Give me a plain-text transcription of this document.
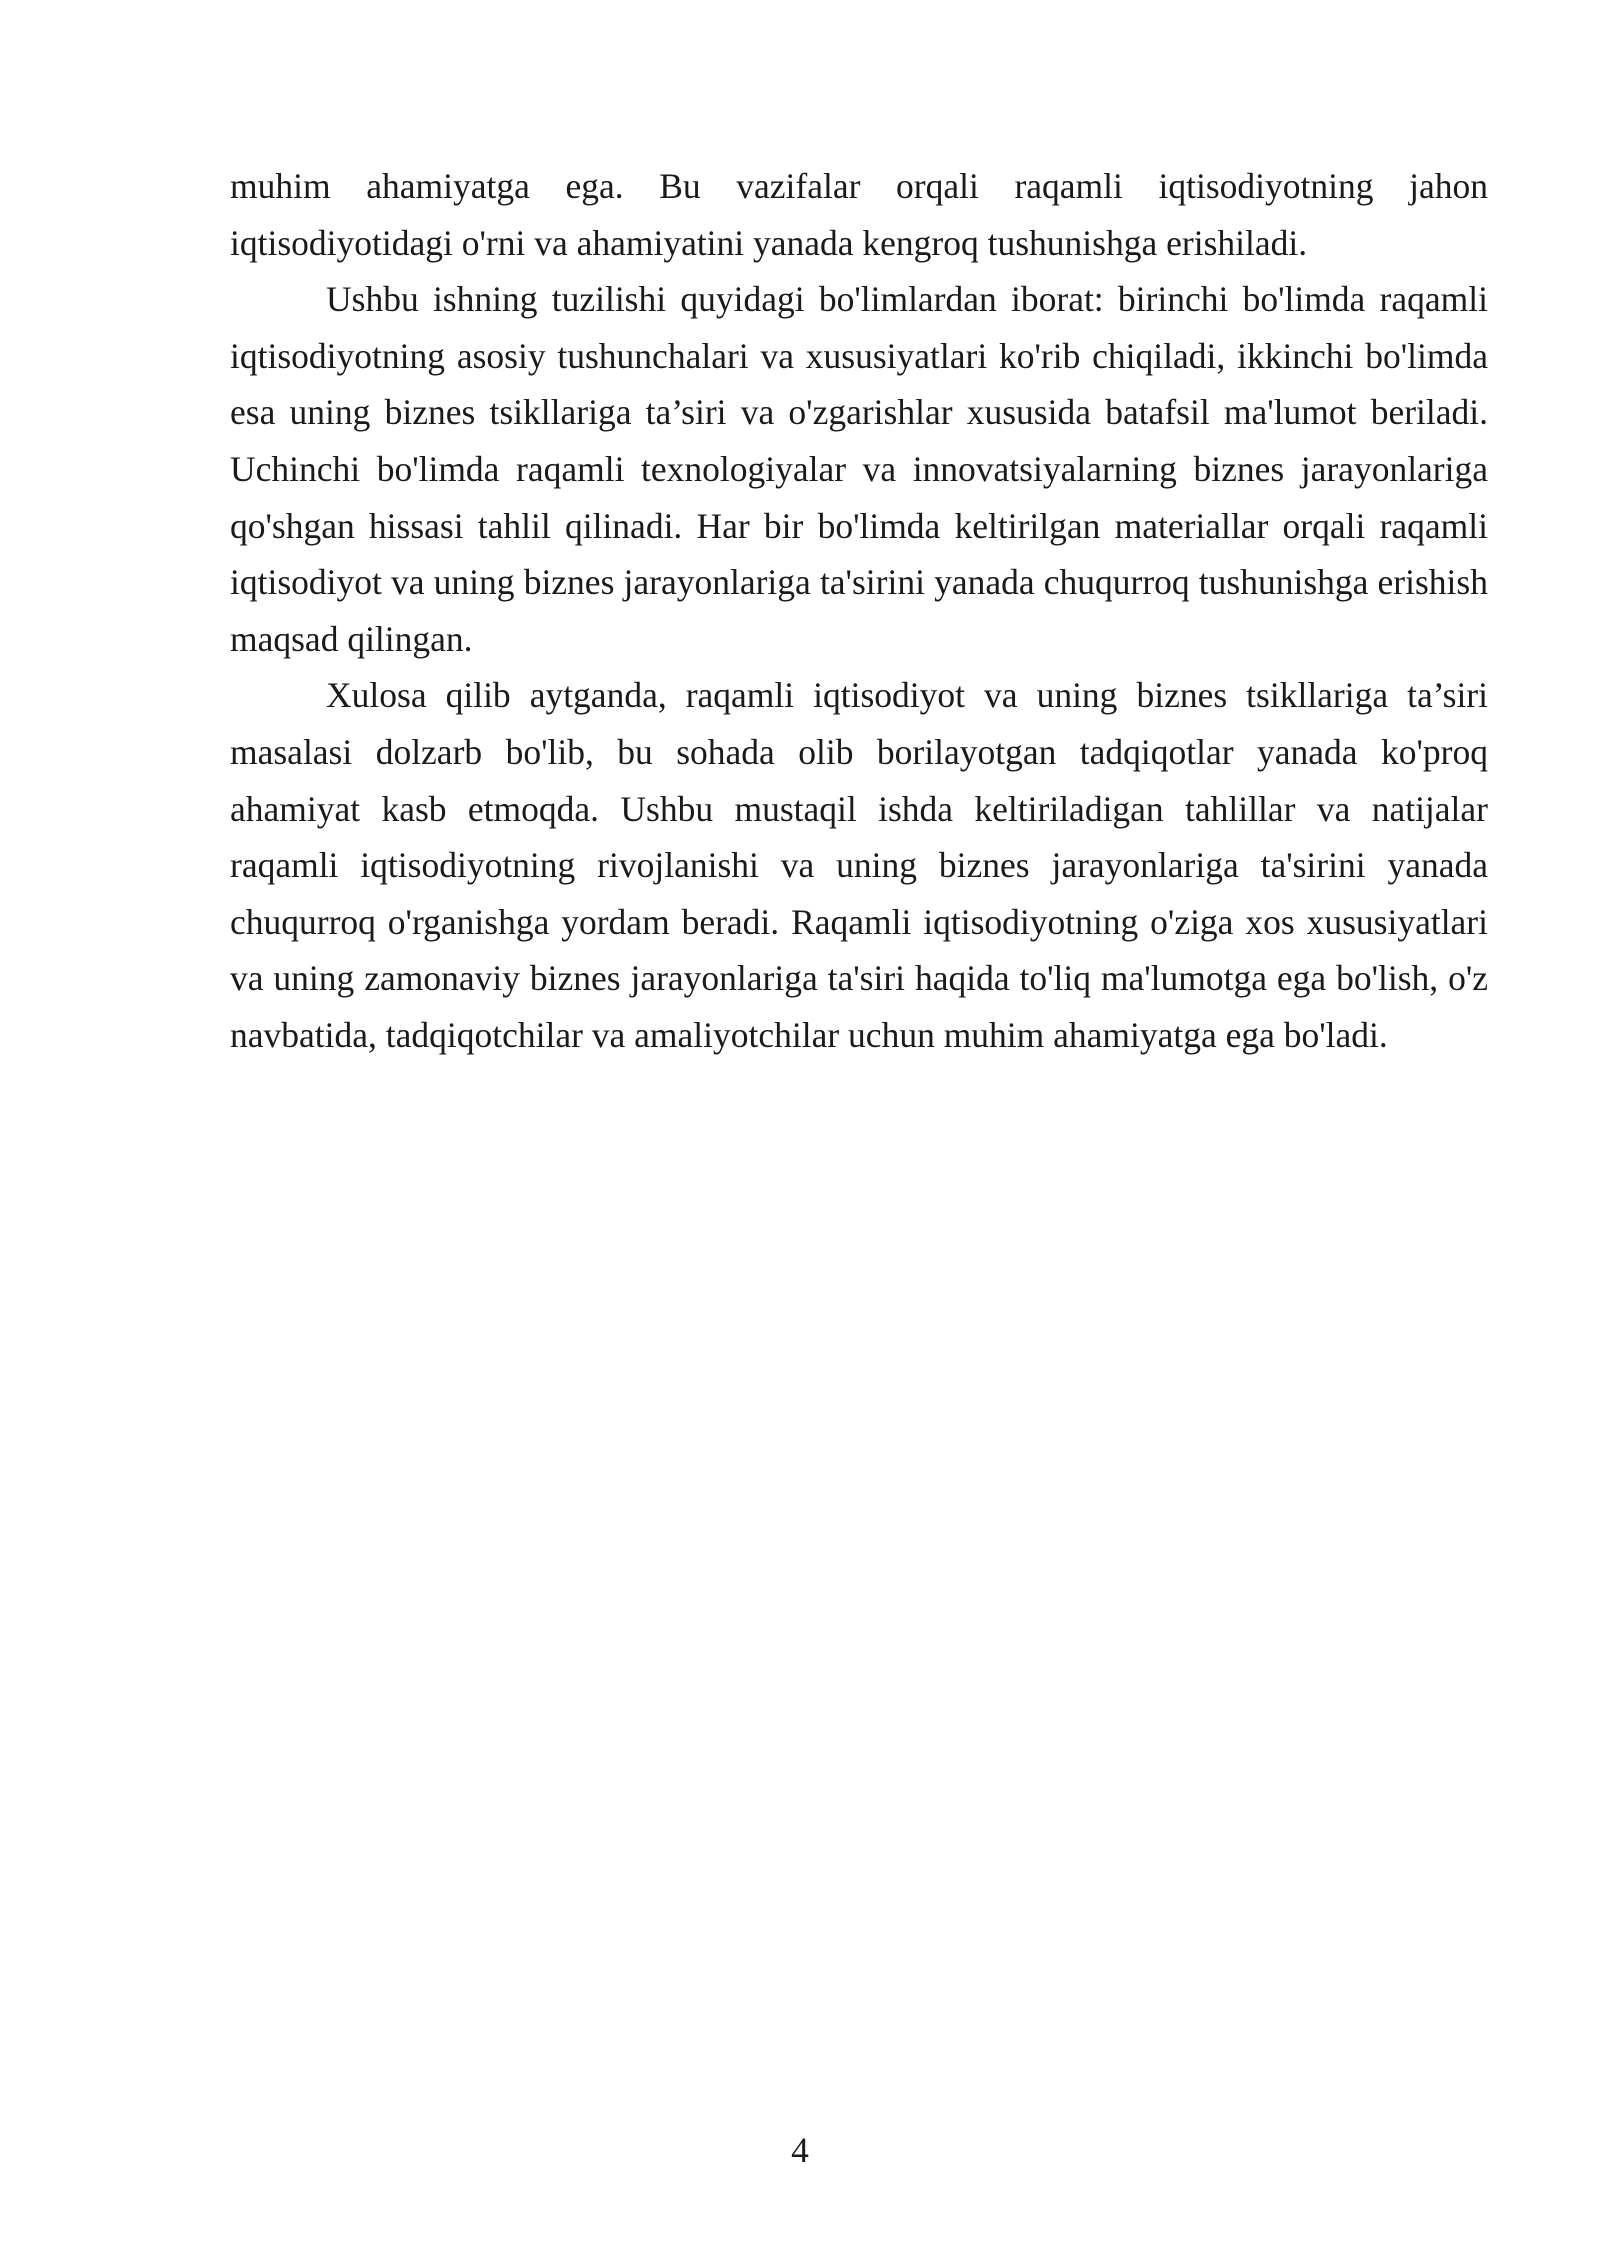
muhim ahamiyatga ega. Bu vazifalar orqali raqamli iqtisodiyotning jahon iqtisodiyotidagi o'rni va ahamiyatini yanada kengroq tushunishga erishiladi.

Ushbu ishning tuzilishi quyidagi bo'limlardan iborat: birinchi bo'limda raqamli iqtisodiyotning asosiy tushunchalari va xususiyatlari ko'rib chiqiladi, ikkinchi bo'limda esa uning biznes tsikllariga ta’siri va o'zgarishlar xususida batafsil ma'lumot beriladi. Uchinchi bo'limda raqamli texnologiyalar va innovatsiyalarning biznes jarayonlariga qo'shgan hissasi tahlil qilinadi. Har bir bo'limda keltirilgan materiallar orqali raqamli iqtisodiyot va uning biznes jarayonlariga ta'sirini yanada chuqurroq tushunishga erishish maqsad qilingan.

Xulosa qilib aytganda, raqamli iqtisodiyot va uning biznes tsikllariga ta’siri masalasi dolzarb bo'lib, bu sohada olib borilayotgan tadqiqotlar yanada ko'proq ahamiyat kasb etmoqda. Ushbu mustaqil ishda keltiriladigan tahlillar va natijalar raqamli iqtisodiyotning rivojlanishi va uning biznes jarayonlariga ta'sirini yanada chuqurroq o'rganishga yordam beradi. Raqamli iqtisodiyotning o'ziga xos xususiyatlari va uning zamonaviy biznes jarayonlariga ta'siri haqida to'liq ma'lumotga ega bo'lish, o'z navbatida, tadqiqotchilar va amaliyotchilar uchun muhim ahamiyatga ega bo'ladi.

4
